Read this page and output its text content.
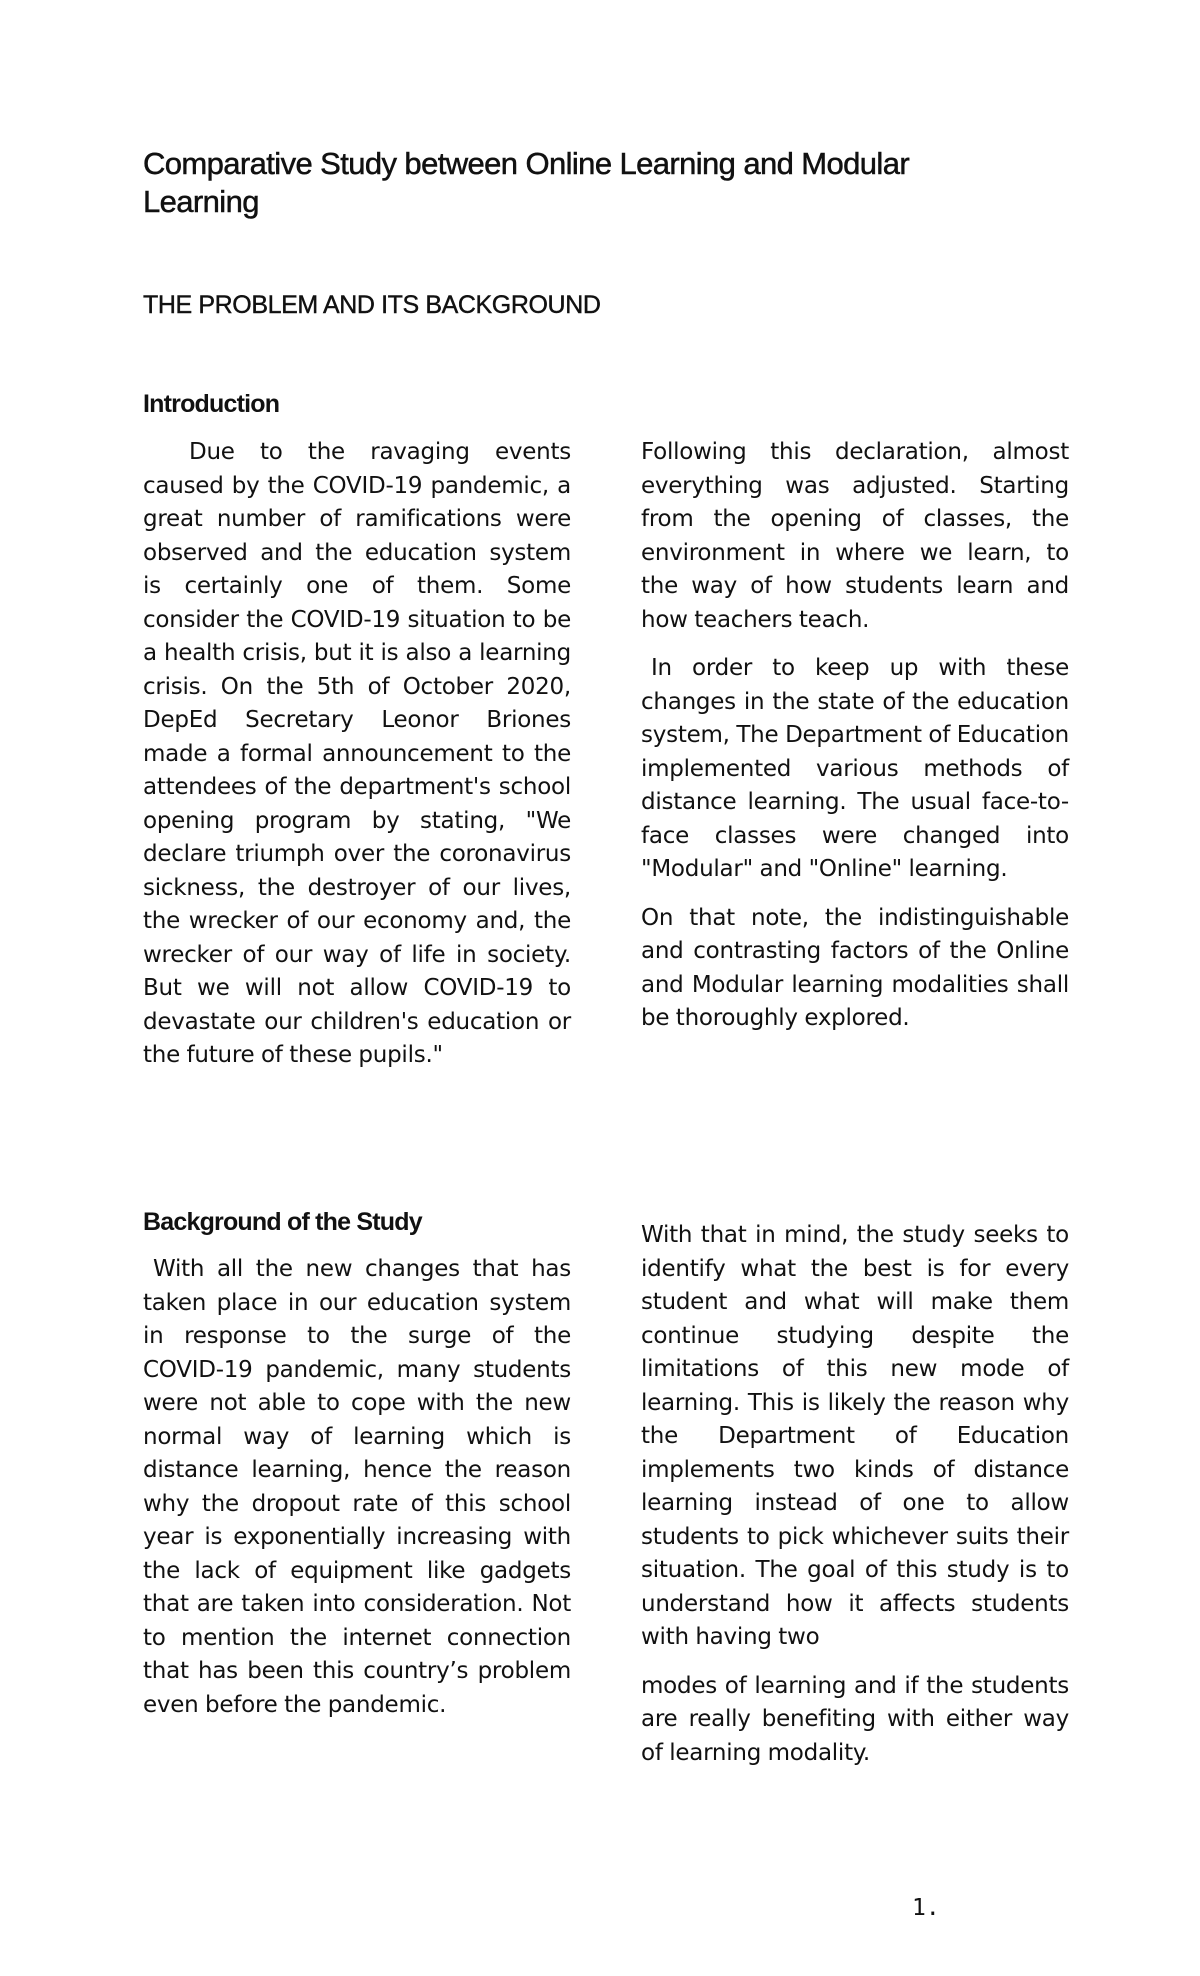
Comparative Study between Online Learning and Modular Learning
THE PROBLEM AND ITS BACKGROUND
Introduction

Due to the ravaging events caused by the COVID-19 pandemic, a great number of ramifications were observed and the education system is certainly one of them. Some consider the COVID-19 situation to be a health crisis, but it is also a learning crisis. On the 5th of October 2020, DepEd Secretary Leonor Briones made a formal announcement to the attendees of the department's school opening program by stating, "We declare triumph over the coronavirus sickness, the destroyer of our lives, the wrecker of our economy and, the wrecker of our way of life in society. But we will not allow COVID-19 to devastate our children's education or the future of these pupils."

Following this declaration, almost everything was adjusted. Starting from the opening of classes, the environment in where we learn, to the way of how students learn and how teachers teach.

In order to keep up with these changes in the state of the education system, The Department of Education implemented various methods of distance learning. The usual face-to-face classes were changed into "Modular" and "Online" learning.

On that note, the indistinguishable and contrasting factors of the Online and Modular learning modalities shall be thoroughly explored.

Background of the Study

With all the new changes that has taken place in our education system in response to the surge of the COVID-19 pandemic, many students were not able to cope with the new normal way of learning which is distance learning, hence the reason why the dropout rate of this school year is exponentially increasing with the lack of equipment like gadgets that are taken into consideration. Not to mention the internet connection that has been this country’s problem even before the pandemic.

With that in mind, the study seeks to identify what the best is for every student and what will make them continue studying despite the limitations of this new mode of learning. This is likely the reason why the Department of Education implements two kinds of distance learning instead of one to allow students to pick whichever suits their situation. The goal of this study is to understand how it affects students with having two

modes of learning and if the students are really benefiting with either way of learning modality.

1.
